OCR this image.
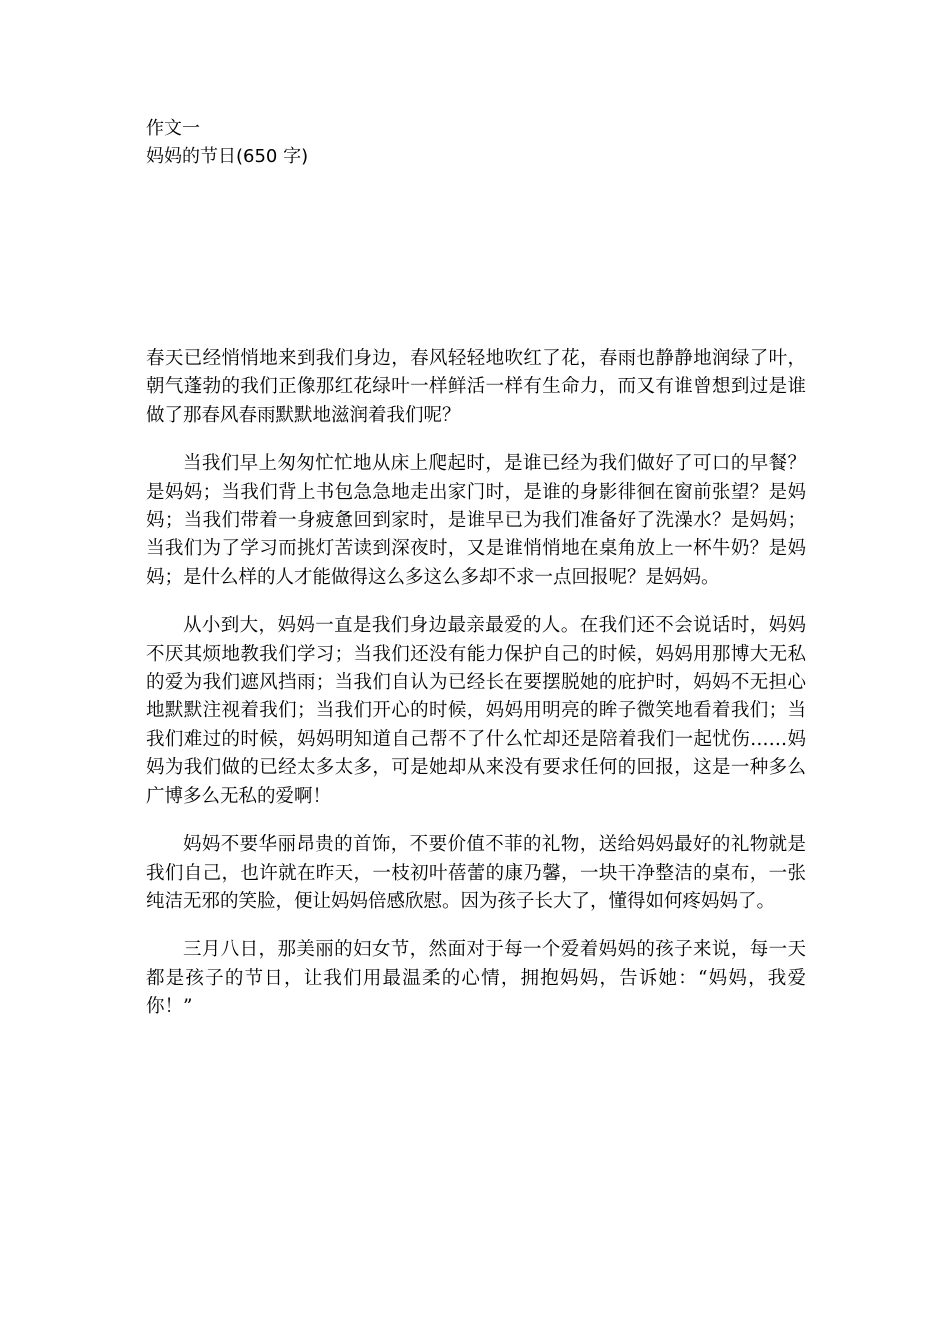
作文一
妈妈的节日(650 字)

春天已经悄悄地来到我们身边，春风轻轻地吹红了花，春雨也静静地润绿了叶，朝气蓬勃的我们正像那红花绿叶一样鲜活一样有生命力，而又有谁曾想到过是谁做了那春风春雨默默地滋润着我们呢？

当我们早上匆匆忙忙地从床上爬起时，是谁已经为我们做好了可口的早餐？是妈妈；当我们背上书包急急地走出家门时，是谁的身影徘徊在窗前张望？是妈妈；当我们带着一身疲惫回到家时，是谁早已为我们准备好了洗澡水？是妈妈；当我们为了学习而挑灯苦读到深夜时，又是谁悄悄地在桌角放上一杯牛奶？是妈妈；是什么样的人才能做得这么多这么多却不求一点回报呢？是妈妈。

从小到大，妈妈一直是我们身边最亲最爱的人。在我们还不会说话时，妈妈不厌其烦地教我们学习；当我们还没有能力保护自己的时候，妈妈用那博大无私的爱为我们遮风挡雨；当我们自认为已经长在要摆脱她的庇护时，妈妈不无担心地默默注视着我们；当我们开心的时候，妈妈用明亮的眸子微笑地看着我们；当我们难过的时候，妈妈明知道自己帮不了什么忙却还是陪着我们一起忧伤……妈妈为我们做的已经太多太多，可是她却从来没有要求任何的回报，这是一种多么广博多么无私的爱啊！

妈妈不要华丽昂贵的首饰，不要价值不菲的礼物，送给妈妈最好的礼物就是我们自己，也许就在昨天，一枝初叶蓓蕾的康乃馨，一块干净整洁的桌布，一张纯洁无邪的笑脸，便让妈妈倍感欣慰。因为孩子长大了，懂得如何疼妈妈了。

三月八日，那美丽的妇女节，然面对于每一个爱着妈妈的孩子来说，每一天都是孩子的节日，让我们用最温柔的心情，拥抱妈妈，告诉她：“妈妈，我爱你！”
